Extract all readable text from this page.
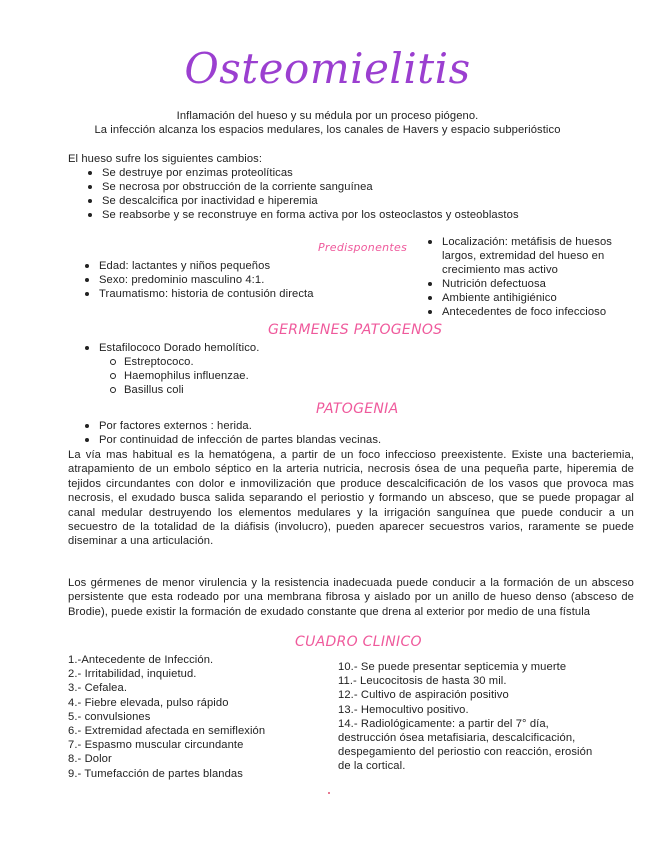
Osteomielitis
Inflamación del hueso y su médula por un proceso piógeno.
La infección alcanza los espacios medulares, los canales de Havers y espacio subperióstico
El hueso sufre los siguientes cambios:
Se destruye por enzimas proteolíticas
Se necrosa por obstrucción de la corriente sanguínea
Se descalcifica por inactividad e hiperemia
Se reabsorbe y se reconstruye en forma activa por los osteoclastos y osteoblastos
Predisponentes
Edad: lactantes y niños pequeños
Sexo: predominio masculino 4:1.
Traumatismo: historia de contusión directa
Localización: metáfisis de huesos
largos, extremidad del hueso en
crecimiento mas activo
Nutrición defectuosa
Ambiente antihigiénico
Antecedentes de foco infeccioso
GERMENES PATOGENOS
Estafilococo Dorado hemolítico.
Estreptococo.
Haemophilus influenzae.
Basillus coli
PATOGENIA
Por factores externos : herida.
Por continuidad de infección de partes blandas vecinas.
La vía mas habitual es la hematógena, a partir de un foco infeccioso preexistente. Existe una bacteriemia, atrapamiento de un embolo séptico en la arteria nutricia, necrosis ósea de una pequeña parte, hiperemia de tejidos circundantes con dolor e inmovilización que produce descalcificación de los vasos que provoca mas necrosis, el exudado busca salida separando el periostio y formando un absceso, que se puede propagar al canal medular destruyendo los elementos medulares y la irrigación sanguínea que puede conducir a un secuestro de la totalidad de la diáfisis (involucro), pueden aparecer secuestros varios, raramente se puede diseminar a una articulación.
Los gérmenes de menor virulencia y la resistencia inadecuada puede conducir a la formación de un absceso persistente que esta rodeado por una membrana fibrosa y aislado por un anillo de hueso denso (absceso de Brodie), puede existir la formación de exudado constante que drena al exterior por medio de una fístula
CUADRO CLINICO
1.-Antecedente de Infección.
2.- Irritabilidad, inquietud.
3.- Cefalea.
4.- Fiebre elevada, pulso rápido
5.- convulsiones
6.- Extremidad afectada en semiflexión
7.- Espasmo muscular circundante
8.- Dolor
9.- Tumefacción de partes blandas
10.- Se puede presentar septicemia y muerte
11.- Leucocitosis de hasta 30 mil.
12.- Cultivo de aspiración positivo
13.- Hemocultivo positivo.
14.- Radiológicamente: a partir del 7° día,
destrucción ósea metafisiaria, descalcificación,
despegamiento del periostio con reacción, erosión
de la cortical.
